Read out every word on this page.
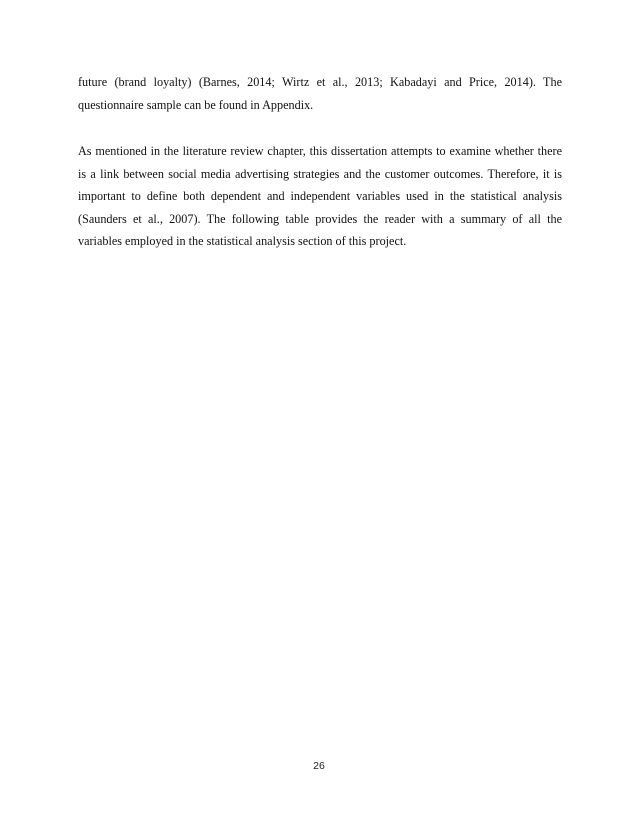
future (brand loyalty) (Barnes, 2014; Wirtz et al., 2013; Kabadayi and Price, 2014). The
questionnaire sample can be found in Appendix.
As mentioned in the literature review chapter, this dissertation attempts to examine whether there
is a link between social media advertising strategies and the customer outcomes. Therefore, it is
important to define both dependent and independent variables used in the statistical analysis
(Saunders et al., 2007). The following table provides the reader with a summary of all the
variables employed in the statistical analysis section of this project.
26
